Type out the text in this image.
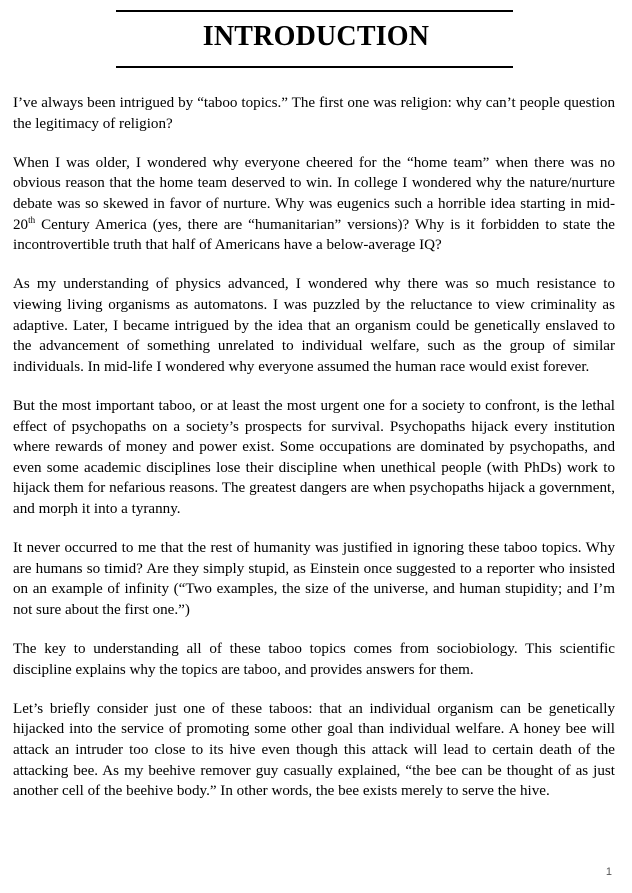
INTRODUCTION

I’ve always been intrigued by “taboo topics.” The first one was religion: why can’t people question the legitimacy of religion?

When I was older, I wondered why everyone cheered for the “home team” when there was no obvious reason that the home team deserved to win. In college I wondered why the nature/nurture debate was so skewed in favor of nurture. Why was eugenics such a horrible idea starting in mid-20th Century America (yes, there are “humanitarian” versions)? Why is it forbidden to state the incontrovertible truth that half of Americans have a below-average IQ?

As my understanding of physics advanced, I wondered why there was so much resistance to viewing living organisms as automatons. I was puzzled by the reluctance to view criminality as adaptive. Later, I became intrigued by the idea that an organism could be genetically enslaved to the advancement of something unrelated to individual welfare, such as the group of similar individuals. In mid-life I wondered why everyone assumed the human race would exist forever.

But the most important taboo, or at least the most urgent one for a society to confront, is the lethal effect of psychopaths on a society’s prospects for survival. Psychopaths hijack every institution where rewards of money and power exist. Some occupations are dominated by psychopaths, and even some academic disciplines lose their discipline when unethical people (with PhDs) work to hijack them for nefarious reasons. The greatest dangers are when psychopaths hijack a government, and morph it into a tyranny.

It never occurred to me that the rest of humanity was justified in ignoring these taboo topics. Why are humans so timid? Are they simply stupid, as Einstein once suggested to a reporter who insisted on an example of infinity (“Two examples, the size of the universe, and human stupidity; and I’m not sure about the first one.”)

The key to understanding all of these taboo topics comes from sociobiology. This scientific discipline explains why the topics are taboo, and provides answers for them.

Let’s briefly consider just one of these taboos: that an individual organism can be genetically hijacked into the service of promoting some other goal than individual welfare. A honey bee will attack an intruder too close to its hive even though this attack will lead to certain death of the attacking bee. As my beehive remover guy casually explained, “the bee can be thought of as just another cell of the beehive body.” In other words, the bee exists merely to serve the hive.

1
